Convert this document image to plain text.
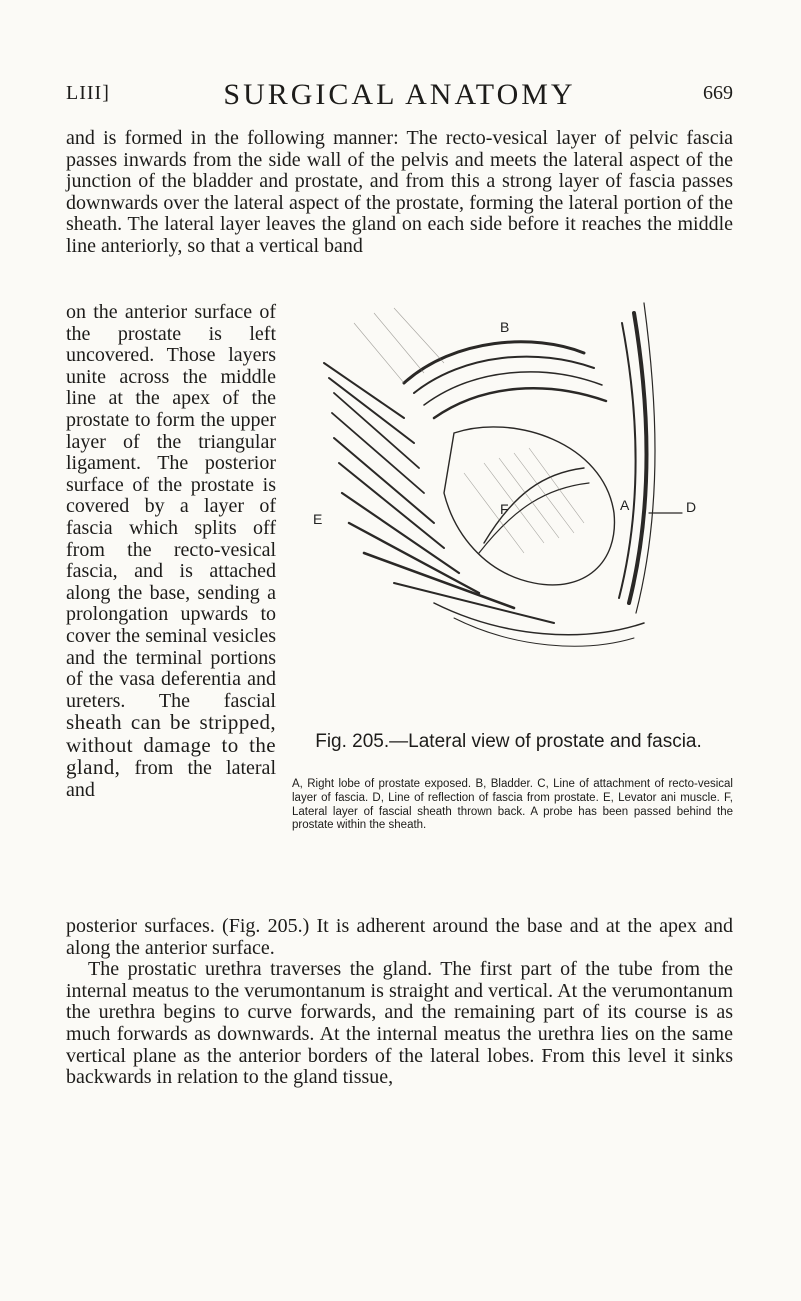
LIII]	SURGICAL ANATOMY	669

and is formed in the following manner: The recto-vesical layer of pelvic fascia passes inwards from the side wall of the pelvis and meets the lateral aspect of the junction of the bladder and prostate, and from this a strong layer of fascia passes downwards over the lateral aspect of the prostate, forming the lateral portion of the sheath. The lateral layer leaves the gland on each side before it reaches the middle line anteriorly, so that a vertical band

on the anterior surface of the prostate is left uncovered. Those layers unite across the middle line at the apex of the prostate to form the upper layer of the triangular ligament. The posterior surface of the prostate is covered by a layer of fascia which splits off from the recto-vesical fascia, and is attached along the base, sending a prolongation upwards to cover the seminal vesicles and the terminal portions of the vasa deferentia and ureters. The fascial sheath can be stripped, without damage to the gland, from the lateral and
B
A	D
E
F
Fig. 205.—Lateral view of prostate and fascia.
A, Right lobe of prostate exposed. B, Bladder. C, Line of attachment of recto-vesical layer of fascia. D, Line of reflection of fascia from prostate. E, Levator ani muscle. F, Lateral layer of fascial sheath thrown back. A probe has been passed behind the prostate within the sheath.

posterior surfaces. (Fig. 205.) It is adherent around the base and at the apex and along the anterior surface.

The prostatic urethra traverses the gland. The first part of the tube from the internal meatus to the verumontanum is straight and vertical. At the verumontanum the urethra begins to curve forwards, and the remaining part of its course is as much forwards as downwards. At the internal meatus the urethra lies on the same vertical plane as the anterior borders of the lateral lobes. From this level it sinks backwards in relation to the gland tissue,
